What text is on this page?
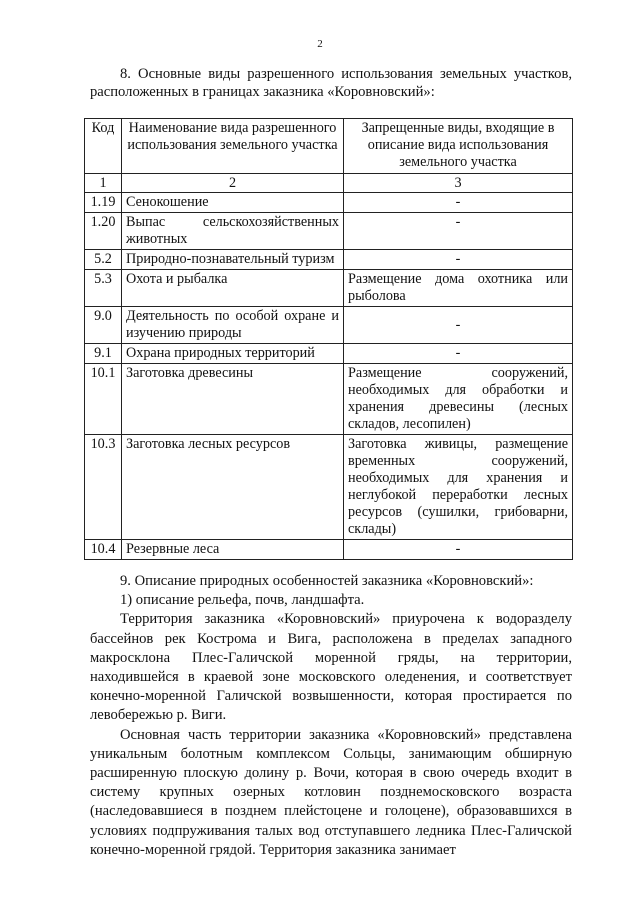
2

8. Основные виды разрешенного использования земельных участков, расположенных в границах заказника «Коровновский»:

Код	Наименование вида разрешенного использования земельного участка	Запрещенные виды, входящие в описание вида использования земельного участка
1	2	3
1.19	Сенокошение	-
1.20	Выпас сельскохозяйственных животных	-
5.2	Природно-познавательный туризм	-
5.3	Охота и рыбалка	Размещение дома охотника или рыболова
9.0	Деятельность по особой охране и изучению природы	-
9.1	Охрана природных территорий	-
10.1	Заготовка древесины	Размещение сооружений, необходимых для обработки и хранения древесины (лесных складов, лесопилен)
10.3	Заготовка лесных ресурсов	Заготовка живицы, размещение временных сооружений, необходимых для хранения и неглубокой переработки лесных ресурсов (сушилки, грибоварни, склады)
10.4	Резервные леса	-

9. Описание природных особенностей заказника «Коровновский»:

1) описание рельефа, почв, ландшафта.

Территория заказника «Коровновский» приурочена к водоразделу бассейнов рек Кострома и Вига, расположена в пределах западного макросклона Плес-Галичской моренной гряды, на территории, находившейся в краевой зоне московского оледенения, и соответствует конечно-моренной Галичской возвышенности, которая простирается по левобережью р. Виги.

Основная часть территории заказника «Коровновский» представлена уникальным болотным комплексом Сольцы, занимающим обширную расширенную плоскую долину р. Вочи, которая в свою очередь входит в систему крупных озерных котловин позднемосковского возраста (наследовавшиеся в позднем плейстоцене и голоцене), образовавшихся в условиях подпруживания талых вод отступавшего ледника Плес-Галичской конечно-моренной грядой. Территория заказника занимает
